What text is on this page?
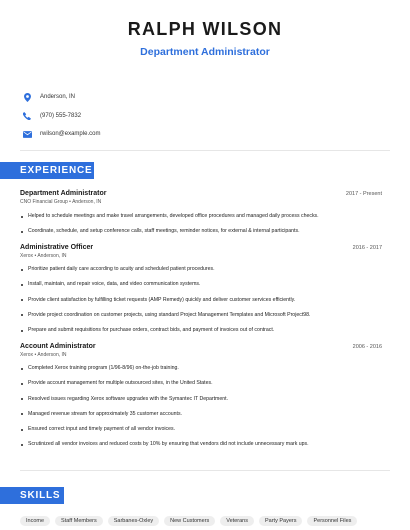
RALPH WILSON
Department Administrator
Anderson, IN
(970) 555-7832
rwilson@example.com
EXPERIENCE
Department Administrator	2017 - Present
CNO Financial Group • Anderson, IN
Helped to schedule meetings and make travel arrangements, developed office procedures and managed daily process checks.
Coordinate, schedule, and setup conference calls, staff meetings, reminder notices, for external & internal participants.
Administrative Officer	2016 - 2017
Xerox • Anderson, IN
Prioritize patient daily care according to acuity and scheduled patient procedures.
Install, maintain, and repair voice, data, and video communication systems.
Provide client satisfaction by fulfilling ticket requests (AMP Remedy) quickly and deliver customer services efficiently.
Provide project coordination on customer projects, using standard Project Management Templates and Microsoft Project98.
Prepare and submit requisitions for purchase orders, contract bids, and payment of invoices out of contract.
Account Administrator	2006 - 2016
Xerox • Anderson, IN
Completed Xerox training program (1/96-8/96) on-the-job training.
Provide account management for multiple outsourced sites, in the United States.
Resolved issues regarding Xerox software upgrades with the Symantec IT Department.
Managed revenue stream for approximately 35 customer accounts.
Ensured correct input and timely payment of all vendor invoices.
Scrutinized all vendor invoices and reduced costs by 10% by ensuring that vendors did not include unnecessary mark ups.
SKILLS
Income	Staff Members	Sarbanes-Oxley	New Customers	Veterans	Party Payers	Personnel Files
